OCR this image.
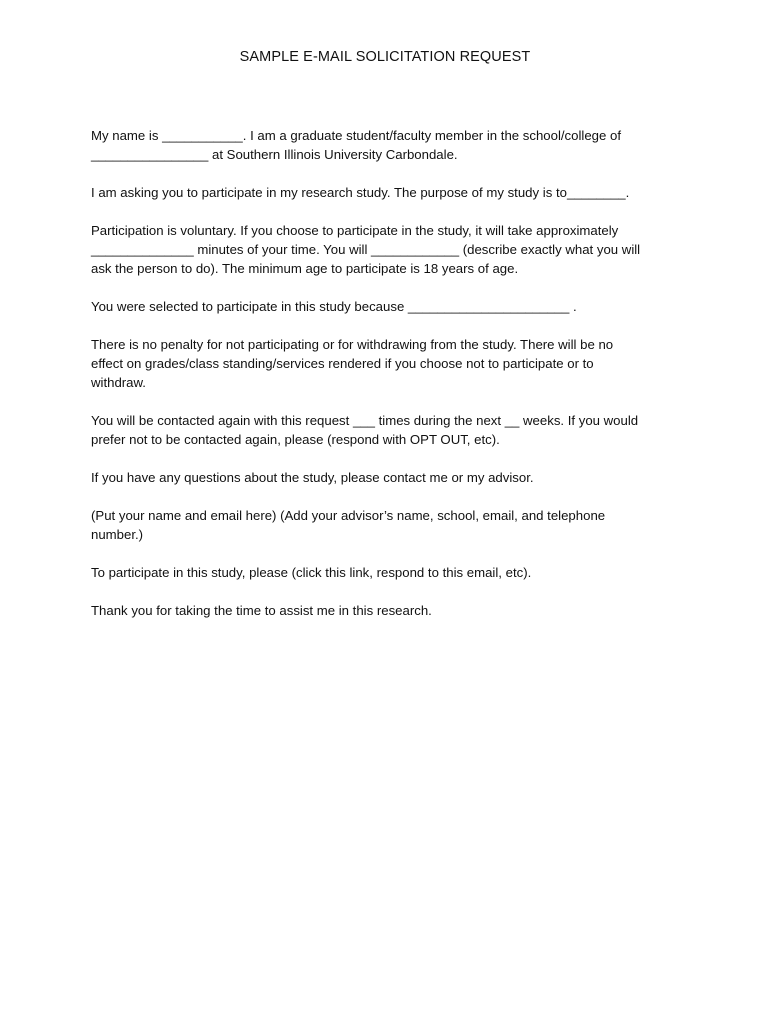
SAMPLE E-MAIL SOLICITATION REQUEST

My name is ___________. I am a graduate student/faculty member in the school/college of
________________ at Southern Illinois University Carbondale.

I am asking you to participate in my research study. The purpose of my study is to________.

Participation is voluntary. If you choose to participate in the study, it will take approximately
______________ minutes of your time. You will ____________ (describe exactly what you will
ask the person to do). The minimum age to participate is 18 years of age.

You were selected to participate in this study because ______________________ .

There is no penalty for not participating or for withdrawing from the study. There will be no
effect on grades/class standing/services rendered if you choose not to participate or to
withdraw.

You will be contacted again with this request ___ times during the next __ weeks. If you would
prefer not to be contacted again, please (respond with OPT OUT, etc).

If you have any questions about the study, please contact me or my advisor.

(Put your name and email here) (Add your advisor’s name, school, email, and telephone
number.)

To participate in this study, please (click this link, respond to this email, etc).

Thank you for taking the time to assist me in this research.
